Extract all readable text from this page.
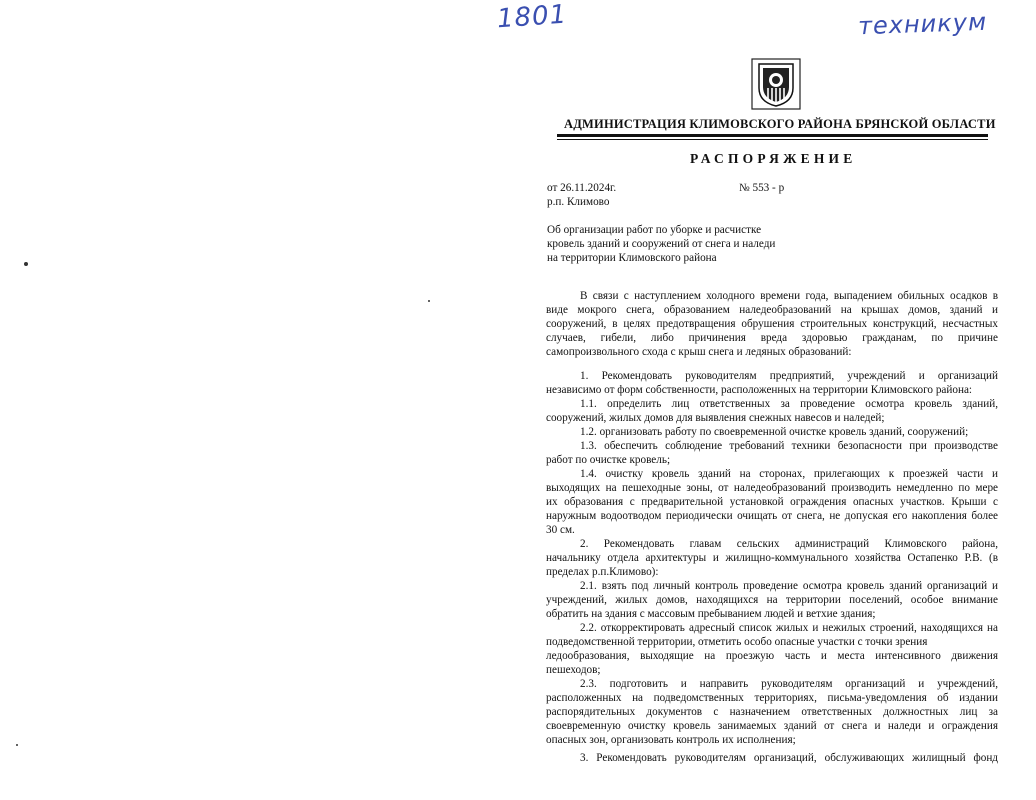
1801	техникум
АДМИНИСТРАЦИЯ КЛИМОВСКОГО РАЙОНА БРЯНСКОЙ ОБЛАСТИ
РАСПОРЯЖЕНИЕ
от 26.11.2024г.	№ 553 - р
р.п. Климово
Об организации работ по уборке и расчистке
кровель зданий и сооружений от снега и наледи
на территории Климовского района
В связи с наступлением холодного времени года, выпадением обильных осадков в
виде мокрого снега, образованием наледеобразований на крышах домов, зданий и
сооружений, в целях предотвращения обрушения строительных конструкций, несчастных
случаев, гибели, либо причинения вреда здоровью гражданам, по причине
самопроизвольного схода с крыш снега и ледяных образований:
1. Рекомендовать руководителям предприятий, учреждений и организаций
независимо от форм собственности, расположенных на территории Климовского района:
1.1. определить лиц ответственных за проведение осмотра кровель зданий,
сооружений, жилых домов для выявления снежных навесов и наледей;
1.2. организовать работу по своевременной очистке кровель зданий, сооружений;
1.3. обеспечить соблюдение требований техники безопасности при производстве
работ по очистке кровель;
1.4. очистку кровель зданий на сторонах, прилегающих к проезжей части и
выходящих на пешеходные зоны, от наледеобразований производить немедленно по мере
их образования с предварительной установкой ограждения опасных участков. Крыши с
наружным водоотводом периодически очищать от снега, не допуская его накопления более
30 см.
2. Рекомендовать главам сельских администраций Климовского района,
начальнику отдела архитектуры и жилищно-коммунального хозяйства Остапенко Р.В. (в
пределах р.п.Климово):
2.1. взять под личный контроль проведение осмотра кровель зданий организаций и
учреждений, жилых домов, находящихся на территории поселений, особое внимание
обратить на здания с массовым пребыванием людей и ветхие здания;
2.2. откорректировать адресный список жилых и нежилых строений, находящихся на
подведомственной территории, отметить особо опасные участки с точки зрения
ледообразования, выходящие на проезжую часть и места интенсивного движения
пешеходов;
2.3. подготовить и направить руководителям организаций и учреждений,
расположенных на подведомственных территориях, письма-уведомления об издании
распорядительных документов с назначением ответственных должностных лиц за
своевременную очистку кровель занимаемых зданий от снега и наледи и ограждения
опасных зон, организовать контроль их исполнения;
3. Рекомендовать руководителям организаций, обслуживающих жилищный фонд
